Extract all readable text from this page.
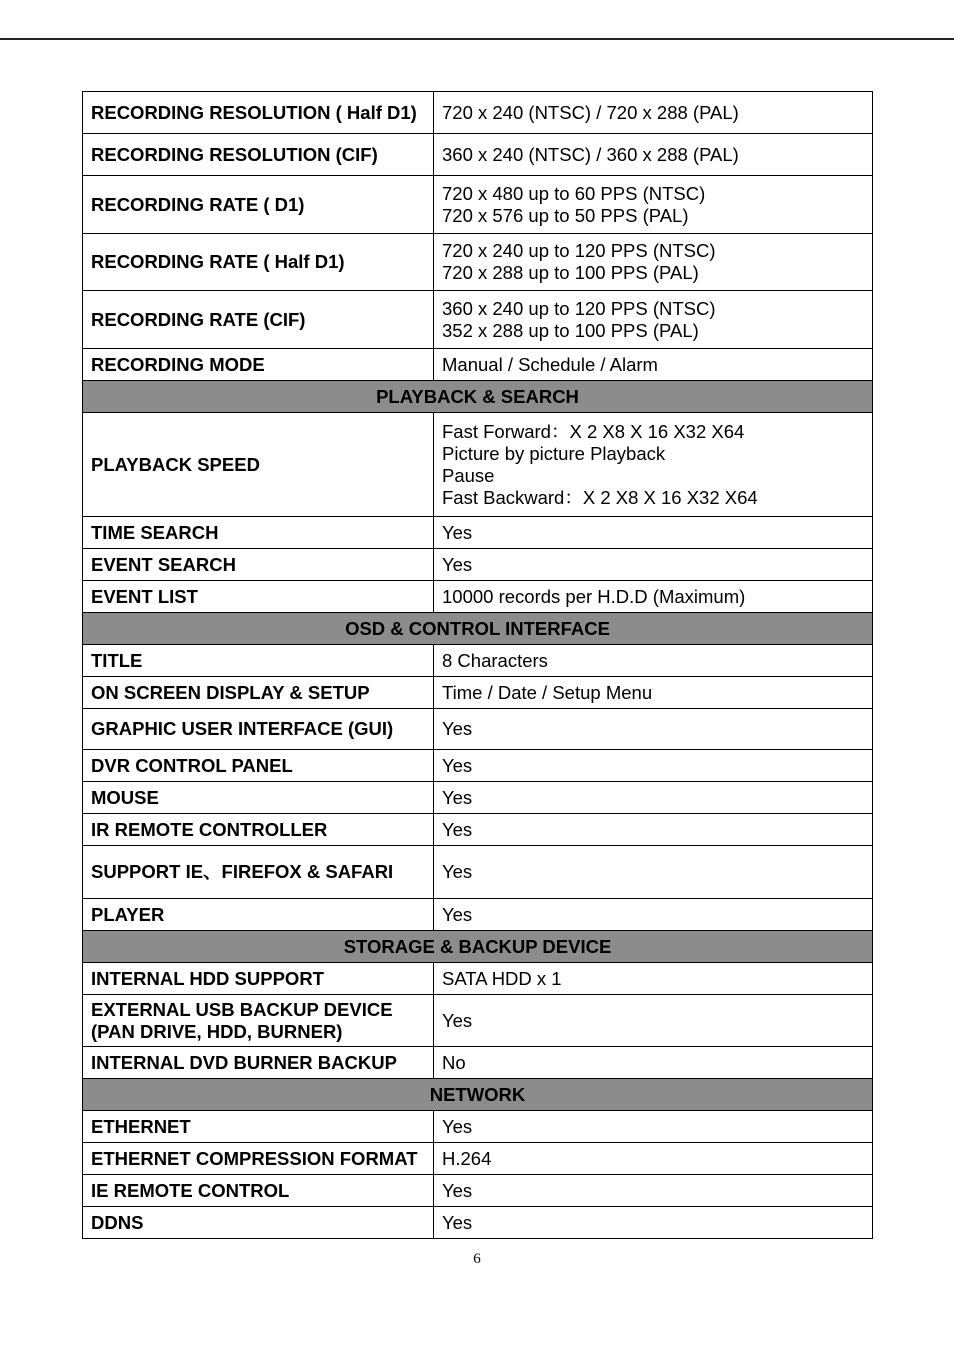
RECORDING RESOLUTION ( Half D1)	720 x 240 (NTSC) / 720 x 288 (PAL)
RECORDING RESOLUTION (CIF)	360 x 240 (NTSC) / 360 x 288 (PAL)
RECORDING RATE ( D1)	720 x 480 up to 60 PPS (NTSC)
720 x 576 up to 50 PPS (PAL)
RECORDING RATE ( Half D1)	720 x 240 up to 120 PPS (NTSC)
720 x 288 up to 100 PPS (PAL)
RECORDING RATE (CIF)	360 x 240 up to 120 PPS (NTSC)
352 x 288 up to 100 PPS (PAL)
RECORDING MODE	Manual / Schedule / Alarm
PLAYBACK & SEARCH	
PLAYBACK SPEED	Fast Forward：X 2 X8 X 16 X32 X64
Picture by picture Playback
Pause
Fast Backward：X 2 X8 X 16 X32 X64
TIME SEARCH	Yes
EVENT SEARCH	Yes
EVENT LIST	10000 records per H.D.D (Maximum)
OSD & CONTROL INTERFACE	
TITLE	8 Characters
ON SCREEN DISPLAY & SETUP	Time / Date / Setup Menu
GRAPHIC USER INTERFACE (GUI)	Yes
DVR CONTROL PANEL	Yes
MOUSE	Yes
IR REMOTE CONTROLLER	Yes
SUPPORT IE、FIREFOX & SAFARI	Yes
PLAYER	Yes
STORAGE & BACKUP DEVICE	
INTERNAL HDD SUPPORT	SATA HDD x 1
EXTERNAL USB BACKUP DEVICE
(PAN DRIVE, HDD, BURNER)	Yes
INTERNAL DVD BURNER BACKUP	No
NETWORK	
ETHERNET	Yes
ETHERNET COMPRESSION FORMAT	H.264
IE REMOTE CONTROL	Yes
DDNS	Yes
6
